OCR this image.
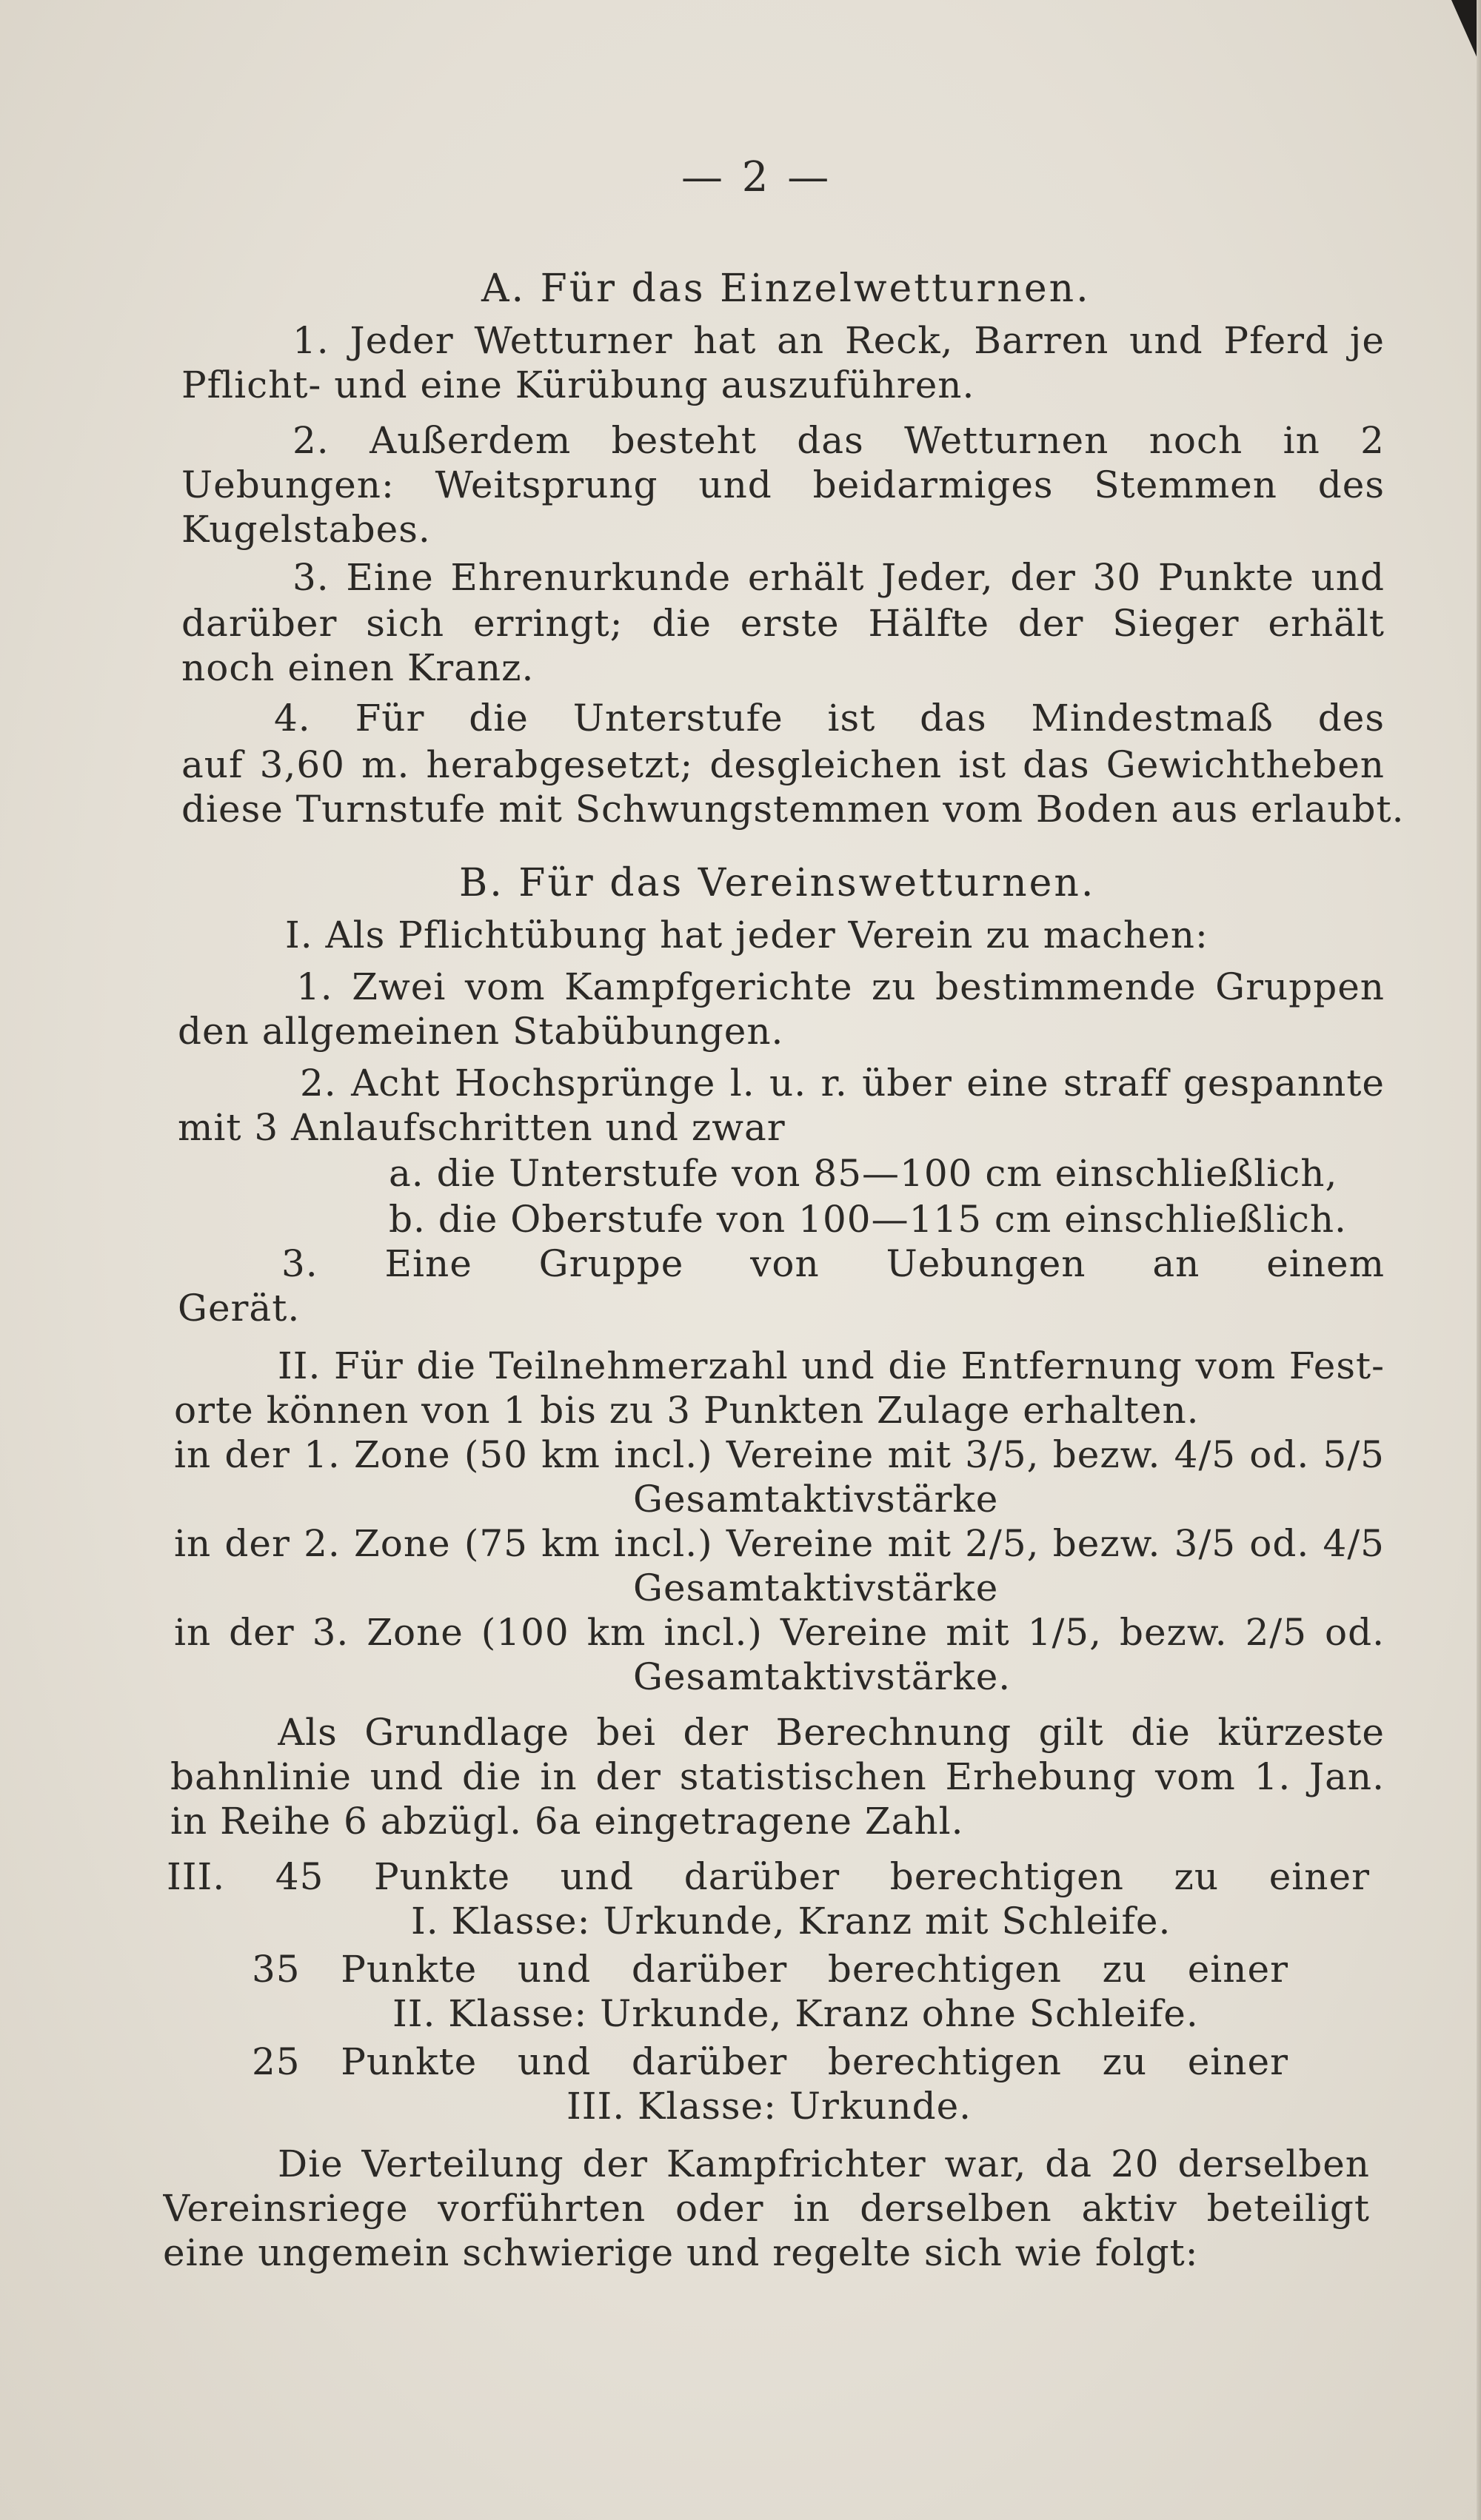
— 2 —
A. Für das Einzelwetturnen.
1. Jeder Wetturner hat an Reck, Barren und Pferd je
Pflicht- und eine Kürübung auszuführen.
2. Außerdem besteht das Wetturnen noch in 2
Uebungen: Weitsprung und beidarmiges Stemmen des
Kugelstabes.
3. Eine Ehrenurkunde erhält Jeder, der 30 Punkte und
darüber sich erringt; die erste Hälfte der Sieger erhält
noch einen Kranz.
4. Für die Unterstufe ist das Mindestmaß des
auf 3,60 m. herabgesetzt; desgleichen ist das Gewichtheben
diese Turnstufe mit Schwungstemmen vom Boden aus erlaubt.
B. Für das Vereinswetturnen.
I. Als Pflichtübung hat jeder Verein zu machen:
1. Zwei vom Kampfgerichte zu bestimmende Gruppen
den allgemeinen Stabübungen.
2. Acht Hochsprünge l. u. r. über eine straff gespannte
mit 3 Anlaufschritten und zwar
a. die Unterstufe von 85—100 cm einschließlich,
b. die Oberstufe von 100—115 cm einschließlich.
3. Eine Gruppe von Uebungen an einem
Gerät.
II. Für die Teilnehmerzahl und die Entfernung vom Fest-
orte können von 1 bis zu 3 Punkten Zulage erhalten.
in der 1. Zone (50 km incl.) Vereine mit 3/5, bezw. 4/5 od. 5/5
Gesamtaktivstärke
in der 2. Zone (75 km incl.) Vereine mit 2/5, bezw. 3/5 od. 4/5
Gesamtaktivstärke
in der 3. Zone (100 km incl.) Vereine mit 1/5, bezw. 2/5 od.
Gesamtaktivstärke.
Als Grundlage bei der Berechnung gilt die kürzeste
bahnlinie und die in der statistischen Erhebung vom 1. Jan.
in Reihe 6 abzügl. 6a eingetragene Zahl.
III. 45 Punkte und darüber berechtigen zu einer
I. Klasse: Urkunde, Kranz mit Schleife.
35 Punkte und darüber berechtigen zu einer
II. Klasse: Urkunde, Kranz ohne Schleife.
25 Punkte und darüber berechtigen zu einer
III. Klasse: Urkunde.
Die Verteilung der Kampfrichter war, da 20 derselben
Vereinsriege vorführten oder in derselben aktiv beteiligt
eine ungemein schwierige und regelte sich wie folgt:
